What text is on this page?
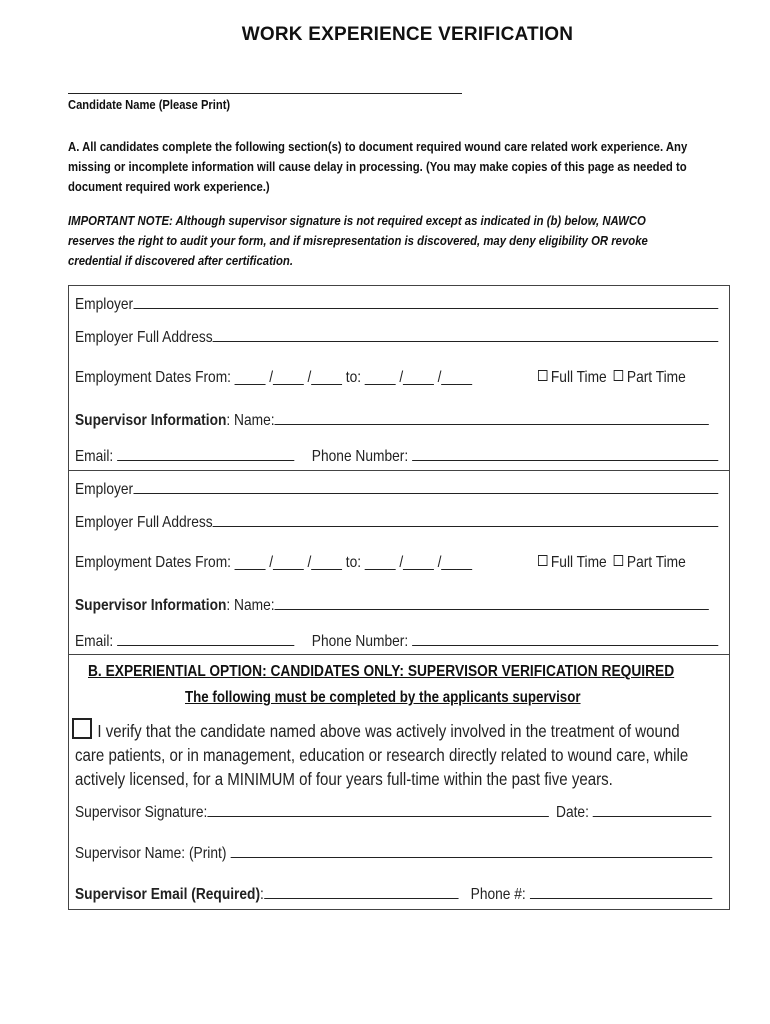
WORK EXPERIENCE VERIFICATION
Candidate Name (Please Print)
A. All candidates complete the following section(s) to document required wound care related work experience. Any
missing or incomplete information will cause delay in processing. (You may make copies of this page as needed to
document required work experience.)
IMPORTANT NOTE: Although supervisor signature is not required except as indicated in (b) below, NAWCO
reserves the right to audit your form, and if misrepresentation is discovered, may deny eligibility OR revoke
credential if discovered after certification.
Employer
Employer Full Address
Employment Dates From: ____ /____ /____ to: ____ /____ /____	Full Time Part Time
Supervisor Information: Name:
Email:	Phone Number:
Employer
Employer Full Address
Employment Dates From: ____ /____ /____ to: ____ /____ /____	Full Time Part Time
Supervisor Information: Name:
Email:	Phone Number:
B. EXPERIENTIAL OPTION: CANDIDATES ONLY: SUPERVISOR VERIFICATION REQUIRED
The following must be completed by the applicants supervisor
I verify that the candidate named above was actively involved in the treatment of wound
care patients, or in management, education or research directly related to wound care, while
actively licensed, for a MINIMUM of four years full-time within the past five years.
Supervisor Signature:	Date:
Supervisor Name: (Print)
Supervisor Email (Required):	Phone #:
